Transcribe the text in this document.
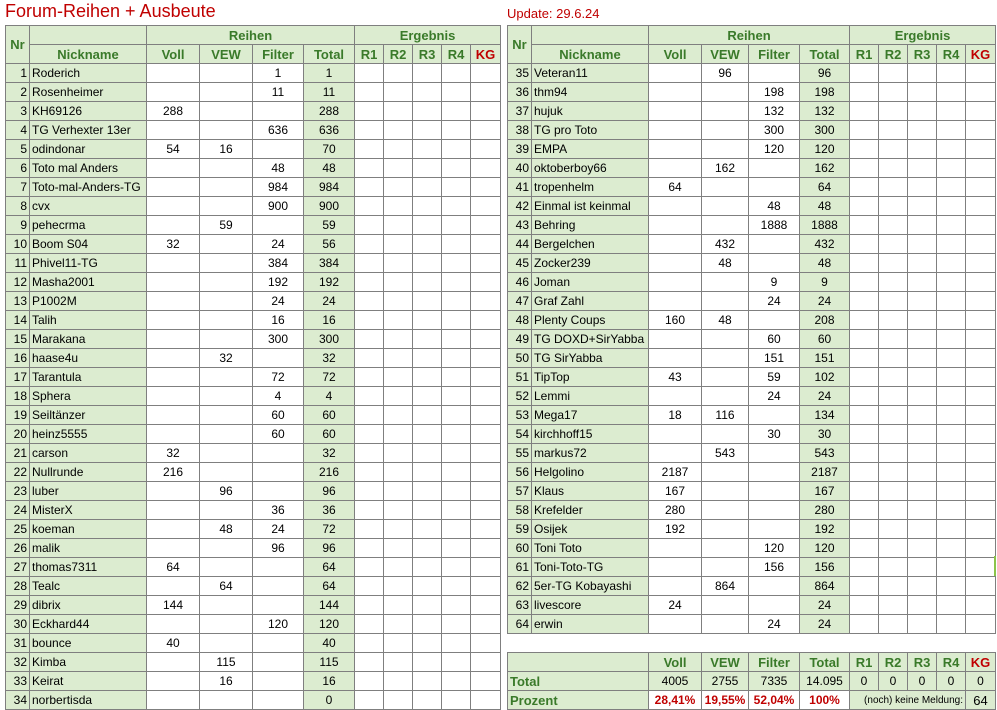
Forum-Reihen + Ausbeute	Update: 29.6.24
Nr		Reihen				Ergebnis				
	Nickname	Voll	VEW	Filter	Total	R1	R2	R3	R4	KG
1	Roderich			1	1					
2	Rosenheimer			11	11					
3	KH69126	288			288					
4	TG Verhexter 13er			636	636					
5	odindonar	54	16		70					
6	Toto mal Anders			48	48					
7	Toto-mal-Anders-TG			984	984					
8	cvx			900	900					
9	pehecrma		59		59					
10	Boom S04	32		24	56					
11	Phivel11-TG			384	384					
12	Masha2001			192	192					
13	P1002M			24	24					
14	Talih			16	16					
15	Marakana			300	300					
16	haase4u		32		32					
17	Tarantula			72	72					
18	Sphera			4	4					
19	Seiltänzer			60	60					
20	heinz5555			60	60					
21	carson	32			32					
22	Nullrunde	216			216					
23	luber		96		96					
24	MisterX			36	36					
25	koeman		48	24	72					
26	malik			96	96					
27	thomas7311	64			64					
28	Tealc		64		64					
29	dibrix	144			144					
30	Eckhard44			120	120					
31	bounce	40			40					
32	Kimba		115		115					
33	Keirat		16		16					
34	norbertisda				0					
Nr		Reihen				Ergebnis				
	Nickname	Voll	VEW	Filter	Total	R1	R2	R3	R4	KG
35	Veteran11		96		96					
36	thm94			198	198					
37	hujuk			132	132					
38	TG pro Toto			300	300					
39	EMPA			120	120					
40	oktoberboy66		162		162					
41	tropenhelm	64			64					
42	Einmal ist keinmal			48	48					
43	Behring			1888	1888					
44	Bergelchen		432		432					
45	Zocker239		48		48					
46	Joman			9	9					
47	Graf Zahl			24	24					
48	Plenty Coups	160	48		208					
49	TG DOXD+SirYabba			60	60					
50	TG SirYabba			151	151					
51	TipTop	43		59	102					
52	Lemmi			24	24					
53	Mega17	18	116		134					
54	kirchhoff15			30	30					
55	markus72		543		543					
56	Helgolino	2187			2187					
57	Klaus	167			167					
58	Krefelder	280			280					
59	Osijek	192			192					
60	Toni Toto			120	120					
61	Toni-Toto-TG			156	156					
62	5er-TG Kobayashi		864		864					
63	livescore	24			24					
64	erwin			24	24					
	Voll	VEW	Filter	Total	R1	R2	R3	R4	KG
Total	4005	2755	7335	14.095	0	0	0	0	0
Prozent	28,41%	19,55%	52,04%	100%	(noch) keine Meldung:				64
